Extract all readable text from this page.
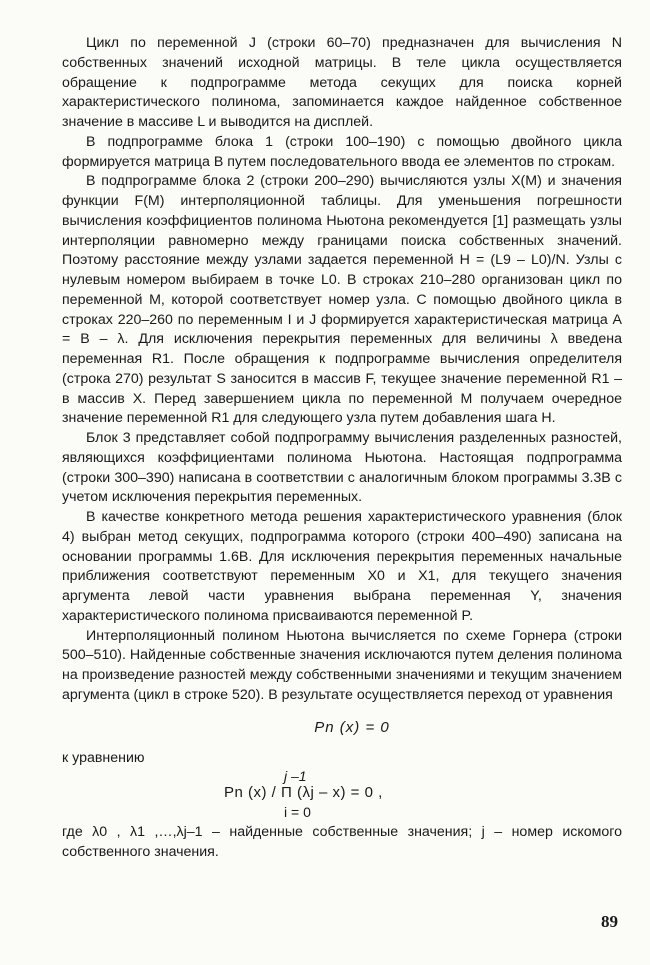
Цикл по переменной J (строки 60–70) предназначен для вычисления N собственных значений исходной матрицы. В теле цикла осуществляется обращение к подпрограмме метода секущих для поиска корней характеристического полинома, запоминается каждое найденное собственное значение в массиве L и выводится на дисплей.

В подпрограмме блока 1 (строки 100–190) с помощью двойного цикла формируется матрица B путем последовательного ввода ее элементов по строкам.

В подпрограмме блока 2 (строки 200–290) вычисляются узлы X(M) и значения функции F(M) интерполяционной таблицы. Для уменьшения погрешности вычисления коэффициентов полинома Ньютона рекомендуется [1] размещать узлы интерполяции равномерно между границами поиска собственных значений. Поэтому расстояние между узлами задается переменной H = (L9 – L0)/N. Узлы с нулевым номером выбираем в точке L0. В строках 210–280 организован цикл по переменной M, которой соответствует номер узла. С помощью двойного цикла в строках 220–260 по переменным I и J формируется характеристическая матрица A = B – λ. Для исключения перекрытия переменных для величины λ введена переменная R1. После обращения к подпрограмме вычисления определителя (строка 270) результат S заносится в массив F, текущее значение переменной R1 – в массив X. Перед завершением цикла по переменной M получаем очередное значение переменной R1 для следующего узла путем добавления шага H.

Блок 3 представляет собой подпрограмму вычисления разделенных разностей, являющихся коэффициентами полинома Ньютона. Настоящая подпрограмма (строки 300–390) написана в соответствии с аналогичным блоком программы 3.3В с учетом исключения перекрытия переменных.

В качестве конкретного метода решения характеристического уравнения (блок 4) выбран метод секущих, подпрограмма которого (строки 400–490) записана на основании программы 1.6В. Для исключения перекрытия переменных начальные приближения соответствуют переменным X0 и X1, для текущего значения аргумента левой части уравнения выбрана переменная Y, значения характеристического полинома присваиваются переменной P.

Интерполяционный полином Ньютона вычисляется по схеме Горнера (строки 500–510). Найденные собственные значения исключаются путем деления полинома на произведение разностей между собственными значениями и текущим значением аргумента (цикл в строке 520). В результате осуществляется переход от уравнения

Pn (x) = 0

к уравнению

j –1
Pn (x) / Π (λj – x) = 0 ,
i = 0

где λ0 , λ1 ,…,λj–1 – найденные собственные значения; j – номер искомого собственного значения.

89
